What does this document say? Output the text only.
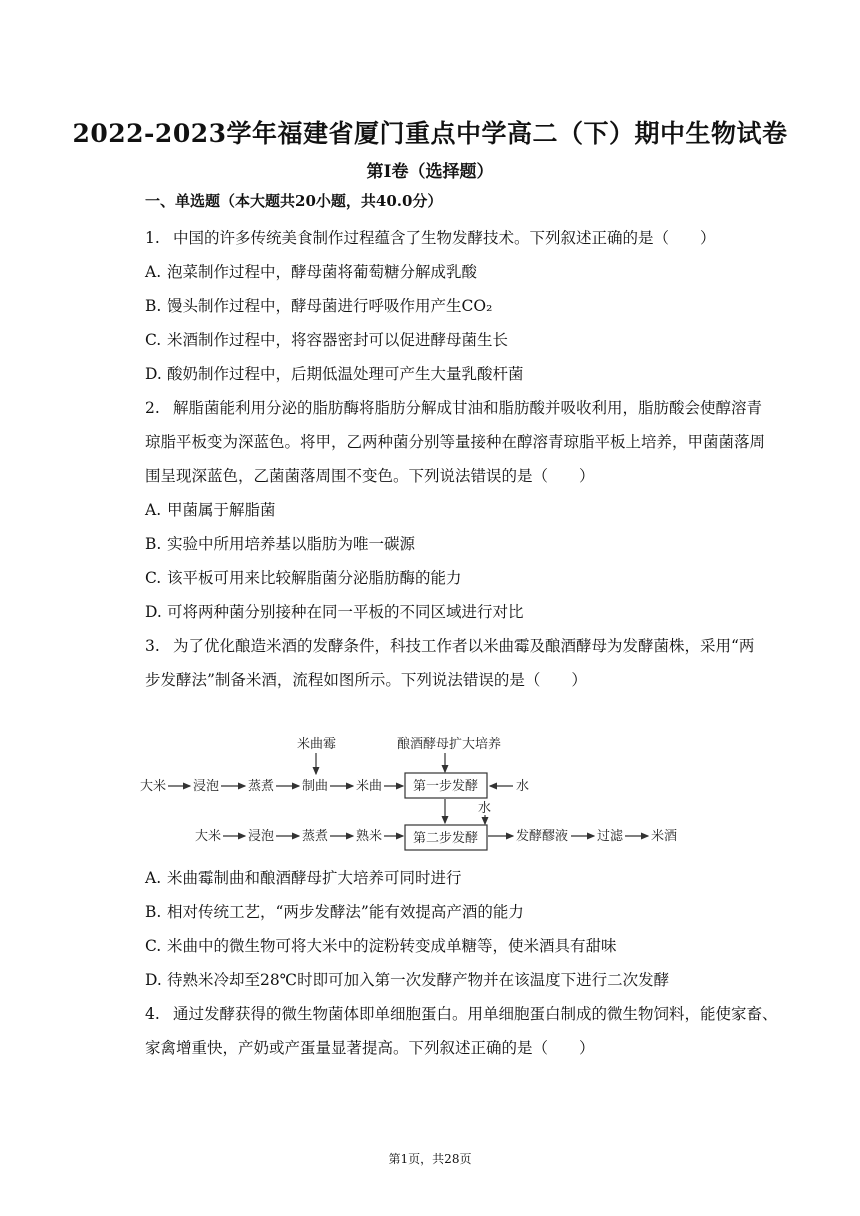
2022-2023学年福建省厦门重点中学高二（下）期中生物试卷
第I卷（选择题）
一、单选题（本大题共20小题，共40.0分）
1. 中国的许多传统美食制作过程蕴含了生物发酵技术。下列叙述正确的是（　　）
A. 泡菜制作过程中，酵母菌将葡萄糖分解成乳酸
B. 馒头制作过程中，酵母菌进行呼吸作用产生CO₂
C. 米酒制作过程中，将容器密封可以促进酵母菌生长
D. 酸奶制作过程中，后期低温处理可产生大量乳酸杆菌
2. 解脂菌能利用分泌的脂肪酶将脂肪分解成甘油和脂肪酸并吸收利用，脂肪酸会使醇溶青
琼脂平板变为深蓝色。将甲，乙两种菌分别等量接种在醇溶青琼脂平板上培养，甲菌菌落周
围呈现深蓝色，乙菌菌落周围不变色。下列说法错误的是（　　）
A. 甲菌属于解脂菌
B. 实验中所用培养基以脂肪为唯一碳源
C. 该平板可用来比较解脂菌分泌脂肪酶的能力
D. 可将两种菌分别接种在同一平板的不同区域进行对比
3. 为了优化酿造米酒的发酵条件，科技工作者以米曲霉及酿酒酵母为发酵菌株，采用“两
步发酵法”制备米酒，流程如图所示。下列说法错误的是（　　）
米曲霉	酿酒酵母扩大培养
大米 浸泡 蒸煮 制曲 米曲 第一步发酵	水
水
大米 浸泡 蒸煮 熟米 第二步发酵	发酵醪液 过滤 米酒
A. 米曲霉制曲和酿酒酵母扩大培养可同时进行
B. 相对传统工艺，“两步发酵法”能有效提高产酒的能力
C. 米曲中的微生物可将大米中的淀粉转变成单糖等，使米酒具有甜味
D. 待熟米冷却至28℃时即可加入第一次发酵产物并在该温度下进行二次发酵
4. 通过发酵获得的微生物菌体即单细胞蛋白。用单细胞蛋白制成的微生物饲料，能使家畜、
家禽增重快，产奶或产蛋量显著提高。下列叙述正确的是（　　）
第1页，共28页
